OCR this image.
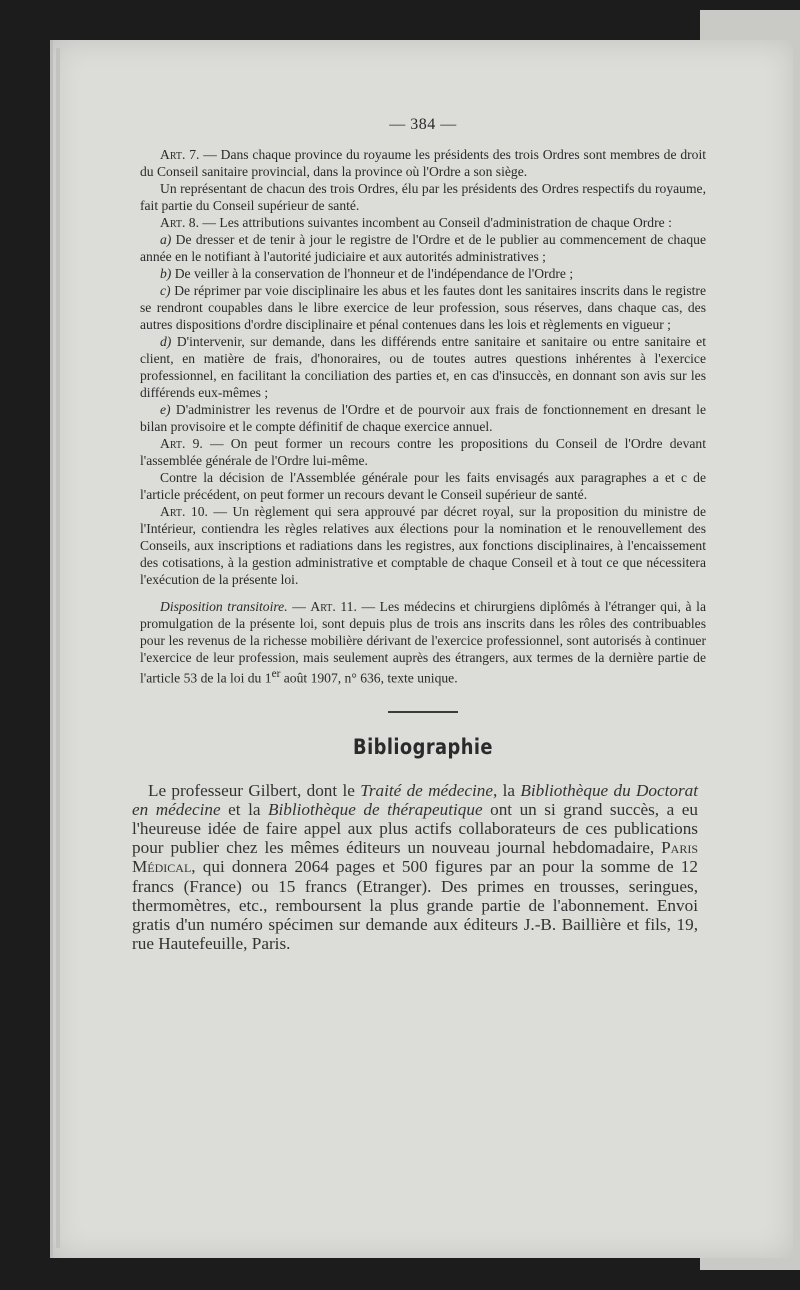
— 384 —

Art. 7. — Dans chaque province du royaume les présidents des trois Ordres sont membres de droit du Conseil sanitaire provincial, dans la province où l'Ordre a son siège.

Un représentant de chacun des trois Ordres, élu par les présidents des Ordres respectifs du royaume, fait partie du Conseil supérieur de santé.

Art. 8. — Les attributions suivantes incombent au Conseil d'administration de chaque Ordre :

a) De dresser et de tenir à jour le registre de l'Ordre et de le publier au commencement de chaque année en le notifiant à l'autorité judiciaire et aux autorités administratives ;

b) De veiller à la conservation de l'honneur et de l'indépendance de l'Ordre ;

c) De réprimer par voie disciplinaire les abus et les fautes dont les sanitaires inscrits dans le registre se rendront coupables dans le libre exercice de leur profession, sous réserves, dans chaque cas, des autres dispositions d'ordre disciplinaire et pénal contenues dans les lois et règlements en vigueur ;

d) D'intervenir, sur demande, dans les différends entre sanitaire et sanitaire ou entre sanitaire et client, en matière de frais, d'honoraires, ou de toutes autres questions inhérentes à l'exercice professionnel, en facilitant la conciliation des parties et, en cas d'insuccès, en donnant son avis sur les différends eux-mêmes ;

e) D'administrer les revenus de l'Ordre et de pourvoir aux frais de fonctionnement en dresant le bilan provisoire et le compte définitif de chaque exercice annuel.

Art. 9. — On peut former un recours contre les propositions du Conseil de l'Ordre devant l'assemblée générale de l'Ordre lui-même.

Contre la décision de l'Assemblée générale pour les faits envisagés aux paragraphes a et c de l'article précédent, on peut former un recours devant le Conseil supérieur de santé.

Art. 10. — Un règlement qui sera approuvé par décret royal, sur la proposition du ministre de l'Intérieur, contiendra les règles relatives aux élections pour la nomination et le renouvellement des Conseils, aux inscriptions et radiations dans les registres, aux fonctions disciplinaires, à l'encaissement des cotisations, à la gestion administrative et comptable de chaque Conseil et à tout ce que nécessitera l'exécution de la présente loi.

Disposition transitoire. — Art. 11. — Les médecins et chirurgiens diplômés à l'étranger qui, à la promulgation de la présente loi, sont depuis plus de trois ans inscrits dans les rôles des contribuables pour les revenus de la richesse mobilière dérivant de l'exercice professionnel, sont autorisés à continuer l'exercice de leur profession, mais seulement auprès des étrangers, aux termes de la dernière partie de l'article 53 de la loi du 1er août 1907, n° 636, texte unique.

Bibliographie

Le professeur Gilbert, dont le Traité de médecine, la Bibliothèque du Doctorat en médecine et la Bibliothèque de thérapeutique ont un si grand succès, a eu l'heureuse idée de faire appel aux plus actifs collaborateurs de ces publications pour publier chez les mêmes éditeurs un nouveau journal hebdomadaire, Paris Médical, qui donnera 2064 pages et 500 figures par an pour la somme de 12 francs (France) ou 15 francs (Etranger). Des primes en trousses, seringues, thermomètres, etc., remboursent la plus grande partie de l'abonnement. Envoi gratis d'un numéro spécimen sur demande aux éditeurs J.-B. Baillière et fils, 19, rue Hautefeuille, Paris.
